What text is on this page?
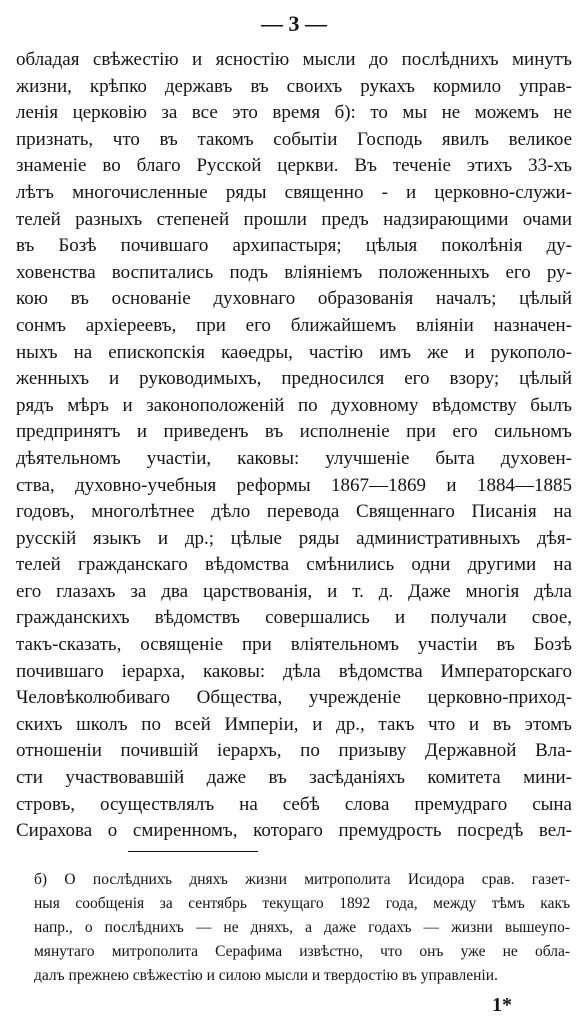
— 3 —
обладая свѣжестію и ясностію мысли до послѣднихъ минутъ
жизни, крѣпко державъ въ своихъ рукахъ кормило управ-
ленія церковію за все это время б): то мы не можемъ не
признать, что въ такомъ событіи Господь явилъ великое
знаменіе во благо Русской церкви. Въ теченіе этихъ 33-хъ
лѣтъ многочисленные ряды священно - и церковно-служи-
телей разныхъ степеней прошли предъ надзирающими очами
въ Бозѣ почившаго архипастыря; цѣлыя поколѣнія ду-
ховенства воспитались подъ вліяніемъ положенныхъ его ру-
кою въ основаніе духовнаго образованія началъ; цѣлый
сонмъ архіереевъ, при его ближайшемъ вліяніи назначен-
ныхъ на епископскія каѳедры, частію имъ же и рукополо-
женныхъ и руководимыхъ, предносился его взору; цѣлый
рядъ мѣръ и законоположеній по духовному вѣдомству былъ
предпринятъ и приведенъ въ исполненіе при его сильномъ
дѣятельномъ участіи, каковы: улучшеніе быта духовен-
ства, духовно-учебныя реформы 1867—1869 и 1884—1885
годовъ, многолѣтнее дѣло перевода Священнаго Писанія на
русскій языкъ и др.; цѣлые ряды административныхъ дѣя-
телей гражданскаго вѣдомства смѣнились одни другими на
его глазахъ за два царствованія, и т. д. Даже многія дѣла
гражданскихъ вѣдомствъ совершались и получали свое,
такъ-сказать, освященіе при вліятельномъ участіи въ Бозѣ
почившаго іерарха, каковы: дѣла вѣдомства Императорскаго
Человѣколюбиваго Общества, учрежденіе церковно-приход-
скихъ школъ по всей Имперіи, и др., такъ что и въ этомъ
отношеніи почившій іерархъ, по призыву Державной Вла-
сти участвовавшій даже въ засѣданіяхъ комитета мини-
стровъ, осуществлялъ на себѣ слова премудраго сына
Сирахова о смиренномъ, котораго премудрость посредѣ вел-
б) О послѣднихъ дняхъ жизни митрополита Исидора срав. газет-
ныя сообщенія за сентябрь текущаго 1892 года, между тѣмъ какъ
напр., о послѣднихъ — не дняхъ, а даже годахъ — жизни вышеупо-
мянутаго митрополита Серафима извѣстно, что онъ уже не обла-
далъ прежнею свѣжестію и силою мысли и твердостію въ управленіи.
1*
